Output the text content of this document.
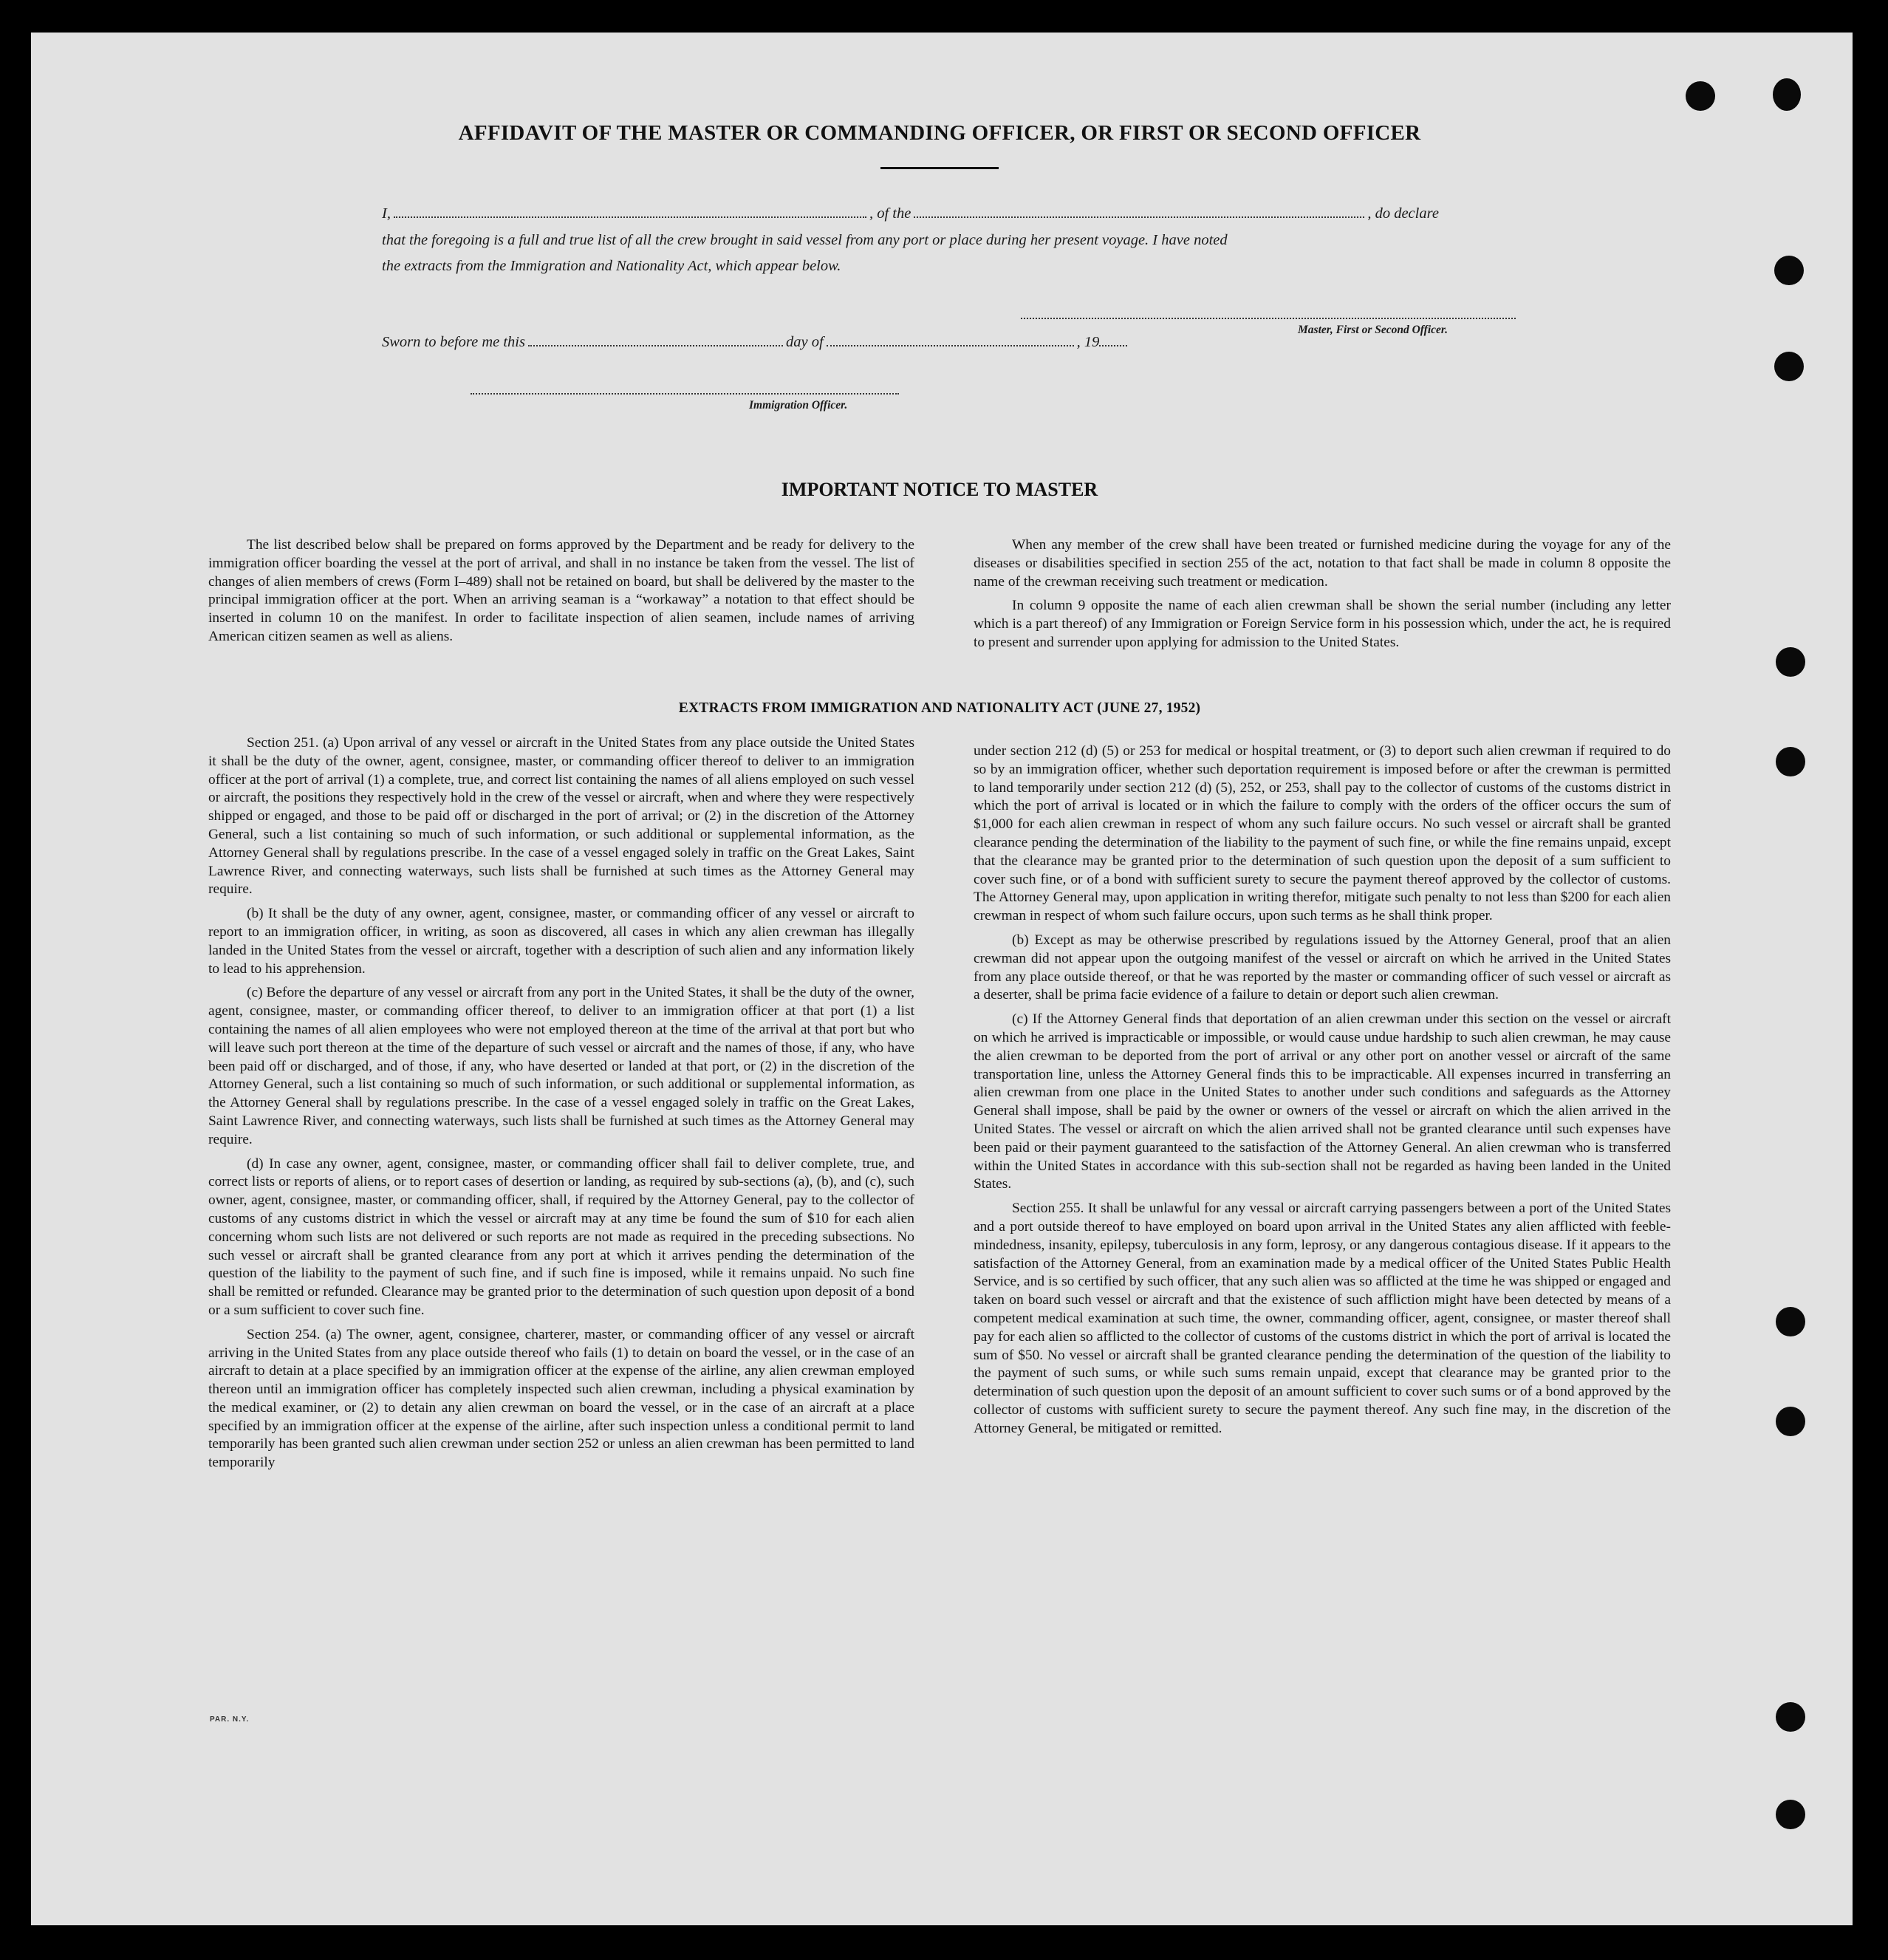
AFFIDAVIT OF THE MASTER OR COMMANDING OFFICER, OR FIRST OR SECOND OFFICER
I,	, of the	, do declare
that the foregoing is a full and true list of all the crew brought in said vessel from any port or place during her present voyage. I have noted
the extracts from the Immigration and Nationality Act, which appear below.
Master, First or Second Officer.
Sworn to before me this	day of	, 19
Immigration Officer.
IMPORTANT NOTICE TO MASTER

The list described below shall be prepared on forms approved by the Department and be ready for delivery to the immigration officer boarding the vessel at the port of arrival, and shall in no instance be taken from the vessel. The list of changes of alien members of crews (Form I–489) shall not be retained on board, but shall be delivered by the master to the principal immigration officer at the port. When an arriving seaman is a “workaway” a notation to that effect should be inserted in column 10 on the manifest. In order to facilitate inspection of alien seamen, include names of arriving American citizen seamen as well as aliens.

When any member of the crew shall have been treated or furnished medicine during the voyage for any of the diseases or disabilities specified in section 255 of the act, notation to that fact shall be made in column 8 opposite the name of the crewman receiving such treatment or medication.

In column 9 opposite the name of each alien crewman shall be shown the serial number (including any letter which is a part thereof) of any Immigration or Foreign Service form in his possession which, under the act, he is required to present and surrender upon applying for admission to the United States.

EXTRACTS FROM IMMIGRATION AND NATIONALITY ACT (JUNE 27, 1952)

Section 251. (a) Upon arrival of any vessel or aircraft in the United States from any place outside the United States it shall be the duty of the owner, agent, consignee, master, or commanding officer thereof to deliver to an immigration officer at the port of arrival (1) a complete, true, and correct list containing the names of all aliens employed on such vessel or aircraft, the positions they respectively hold in the crew of the vessel or aircraft, when and where they were respectively shipped or engaged, and those to be paid off or discharged in the port of arrival; or (2) in the discretion of the Attorney General, such a list containing so much of such information, or such additional or supplemental information, as the Attorney General shall by regulations prescribe. In the case of a vessel engaged solely in traffic on the Great Lakes, Saint Lawrence River, and connecting waterways, such lists shall be furnished at such times as the Attorney General may require.

(b) It shall be the duty of any owner, agent, consignee, master, or commanding officer of any vessel or aircraft to report to an immigration officer, in writing, as soon as discovered, all cases in which any alien crewman has illegally landed in the United States from the vessel or aircraft, together with a description of such alien and any information likely to lead to his apprehension.

(c) Before the departure of any vessel or aircraft from any port in the United States, it shall be the duty of the owner, agent, consignee, master, or commanding officer thereof, to deliver to an immigration officer at that port (1) a list containing the names of all alien employees who were not employed thereon at the time of the arrival at that port but who will leave such port thereon at the time of the departure of such vessel or aircraft and the names of those, if any, who have been paid off or discharged, and of those, if any, who have deserted or landed at that port, or (2) in the discretion of the Attorney General, such a list containing so much of such information, or such additional or supplemental information, as the Attorney General shall by regulations prescribe. In the case of a vessel engaged solely in traffic on the Great Lakes, Saint Lawrence River, and connecting waterways, such lists shall be furnished at such times as the Attorney General may require.

(d) In case any owner, agent, consignee, master, or commanding officer shall fail to deliver complete, true, and correct lists or reports of aliens, or to report cases of desertion or landing, as required by sub-sections (a), (b), and (c), such owner, agent, consignee, master, or commanding officer, shall, if required by the Attorney General, pay to the collector of customs of any customs district in which the vessel or aircraft may at any time be found the sum of $10 for each alien concerning whom such lists are not delivered or such reports are not made as required in the preceding subsections. No such vessel or aircraft shall be granted clearance from any port at which it arrives pending the determination of the question of the liability to the payment of such fine, and if such fine is imposed, while it remains unpaid. No such fine shall be remitted or refunded. Clearance may be granted prior to the determination of such question upon deposit of a bond or a sum sufficient to cover such fine.

Section 254. (a) The owner, agent, consignee, charterer, master, or commanding officer of any vessel or aircraft arriving in the United States from any place outside thereof who fails (1) to detain on board the vessel, or in the case of an aircraft to detain at a place specified by an immigration officer at the expense of the airline, any alien crewman employed thereon until an immigration officer has completely inspected such alien crewman, including a physical examination by the medical examiner, or (2) to detain any alien crewman on board the vessel, or in the case of an aircraft at a place specified by an immigration officer at the expense of the airline, after such inspection unless a conditional permit to land temporarily has been granted such alien crewman under section 252 or unless an alien crewman has been permitted to land temporarily

under section 212 (d) (5) or 253 for medical or hospital treatment, or (3) to deport such alien crewman if required to do so by an immigration officer, whether such deportation requirement is imposed before or after the crewman is permitted to land temporarily under section 212 (d) (5), 252, or 253, shall pay to the collector of customs of the customs district in which the port of arrival is located or in which the failure to comply with the orders of the officer occurs the sum of $1,000 for each alien crewman in respect of whom any such failure occurs. No such vessel or aircraft shall be granted clearance pending the determination of the liability to the payment of such fine, or while the fine remains unpaid, except that the clearance may be granted prior to the determination of such question upon the deposit of a sum sufficient to cover such fine, or of a bond with sufficient surety to secure the payment thereof approved by the collector of customs. The Attorney General may, upon application in writing therefor, mitigate such penalty to not less than $200 for each alien crewman in respect of whom such failure occurs, upon such terms as he shall think proper.

(b) Except as may be otherwise prescribed by regulations issued by the Attorney General, proof that an alien crewman did not appear upon the outgoing manifest of the vessel or aircraft on which he arrived in the United States from any place outside thereof, or that he was reported by the master or commanding officer of such vessel or aircraft as a deserter, shall be prima facie evidence of a failure to detain or deport such alien crewman.

(c) If the Attorney General finds that deportation of an alien crewman under this section on the vessel or aircraft on which he arrived is impracticable or impossible, or would cause undue hardship to such alien crewman, he may cause the alien crewman to be deported from the port of arrival or any other port on another vessel or aircraft of the same transportation line, unless the Attorney General finds this to be impracticable. All expenses incurred in transferring an alien crewman from one place in the United States to another under such conditions and safeguards as the Attorney General shall impose, shall be paid by the owner or owners of the vessel or aircraft on which the alien arrived in the United States. The vessel or aircraft on which the alien arrived shall not be granted clearance until such expenses have been paid or their payment guaranteed to the satisfaction of the Attorney General. An alien crewman who is transferred within the United States in accordance with this sub-section shall not be regarded as having been landed in the United States.

Section 255. It shall be unlawful for any vessal or aircraft carrying passengers between a port of the United States and a port outside thereof to have employed on board upon arrival in the United States any alien afflicted with feeble-mindedness, insanity, epilepsy, tuberculosis in any form, leprosy, or any dangerous contagious disease. If it appears to the satisfaction of the Attorney General, from an examination made by a medical officer of the United States Public Health Service, and is so certified by such officer, that any such alien was so afflicted at the time he was shipped or engaged and taken on board such vessel or aircraft and that the existence of such affliction might have been detected by means of a competent medical examination at such time, the owner, commanding officer, agent, consignee, or master thereof shall pay for each alien so afflicted to the collector of customs of the customs district in which the port of arrival is located the sum of $50. No vessel or aircraft shall be granted clearance pending the determination of the question of the liability to the payment of such sums, or while such sums remain unpaid, except that clearance may be granted prior to the determination of such question upon the deposit of an amount sufficient to cover such sums or of a bond approved by the collector of customs with sufficient surety to secure the payment thereof. Any such fine may, in the discretion of the Attorney General, be mitigated or remitted.

PAR. N.Y.
